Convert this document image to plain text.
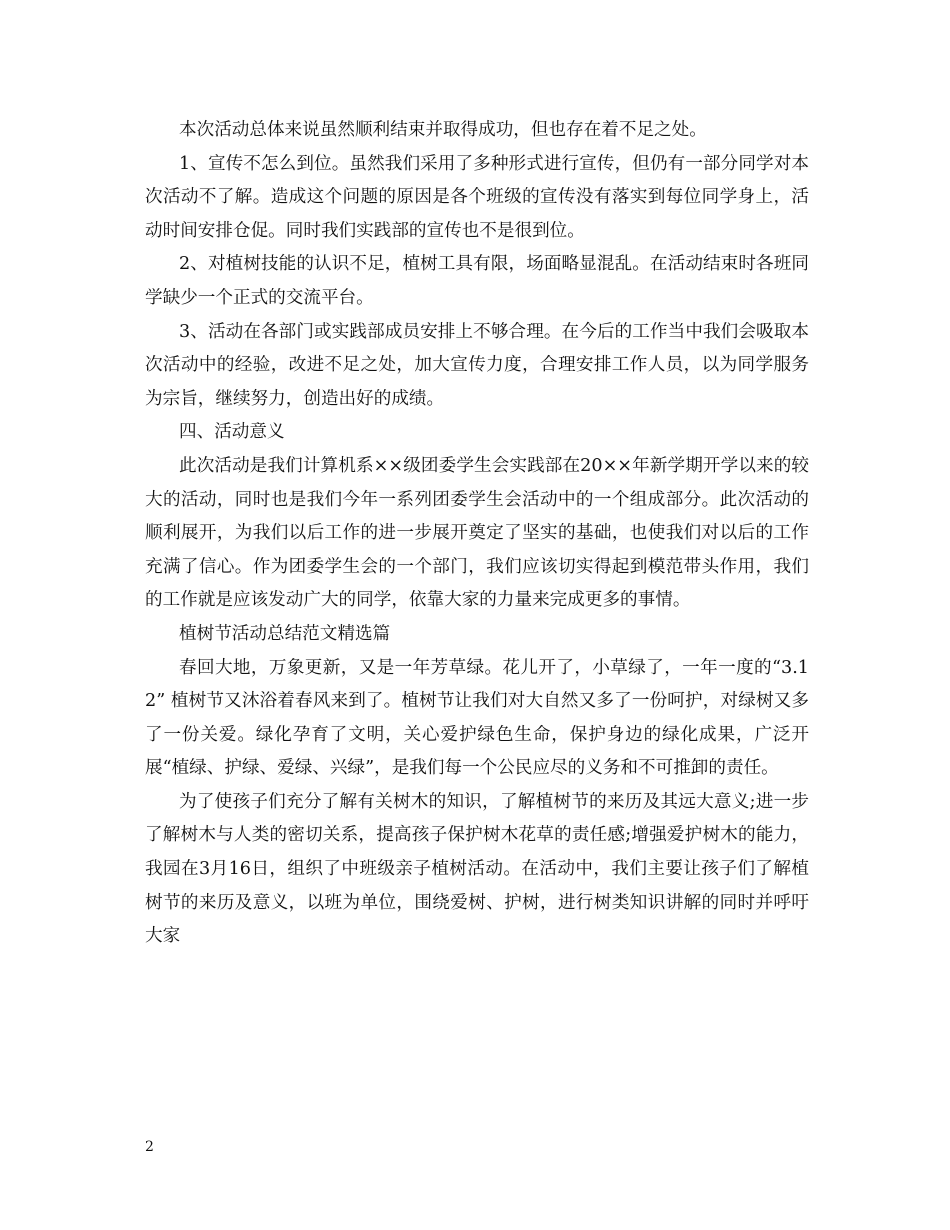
本次活动总体来说虽然顺利结束并取得成功，但也存在着不足之处。

1、宣传不怎么到位。虽然我们采用了多种形式进行宣传，但仍有一部分同学对本次活动不了解。造成这个问题的原因是各个班级的宣传没有落实到每位同学身上，活动时间安排仓促。同时我们实践部的宣传也不是很到位。

2、对植树技能的认识不足，植树工具有限，场面略显混乱。在活动结束时各班同学缺少一个正式的交流平台。

3、活动在各部门或实践部成员安排上不够合理。在今后的工作当中我们会吸取本次活动中的经验，改进不足之处，加大宣传力度，合理安排工作人员，以为同学服务为宗旨，继续努力，创造出好的成绩。

四、活动意义

此次活动是我们计算机系××级团委学生会实践部在20××年新学期开学以来的较大的活动，同时也是我们今年一系列团委学生会活动中的一个组成部分。此次活动的顺利展开，为我们以后工作的进一步展开奠定了坚实的基础，也使我们对以后的工作充满了信心。作为团委学生会的一个部门，我们应该切实得起到模范带头作用，我们的工作就是应该发动广大的同学，依靠大家的力量来完成更多的事情。

植树节活动总结范文精选篇

春回大地，万象更新，又是一年芳草绿。花儿开了，小草绿了，一年一度的“3.12” 植树节又沐浴着春风来到了。植树节让我们对大自然又多了一份呵护，对绿树又多了一份关爱。绿化孕育了文明，关心爱护绿色生命，保护身边的绿化成果，广泛开展“植绿、护绿、爱绿、兴绿”，是我们每一个公民应尽的义务和不可推卸的责任。

为了使孩子们充分了解有关树木的知识，了解植树节的来历及其远大意义;进一步了解树木与人类的密切关系，提高孩子保护树木花草的责任感;增强爱护树木的能力，我园在3月16日，组织了中班级亲子植树活动。在活动中，我们主要让孩子们了解植树节的来历及意义，以班为单位，围绕爱树、护树，进行树类知识讲解的同时并呼吁大家

2
